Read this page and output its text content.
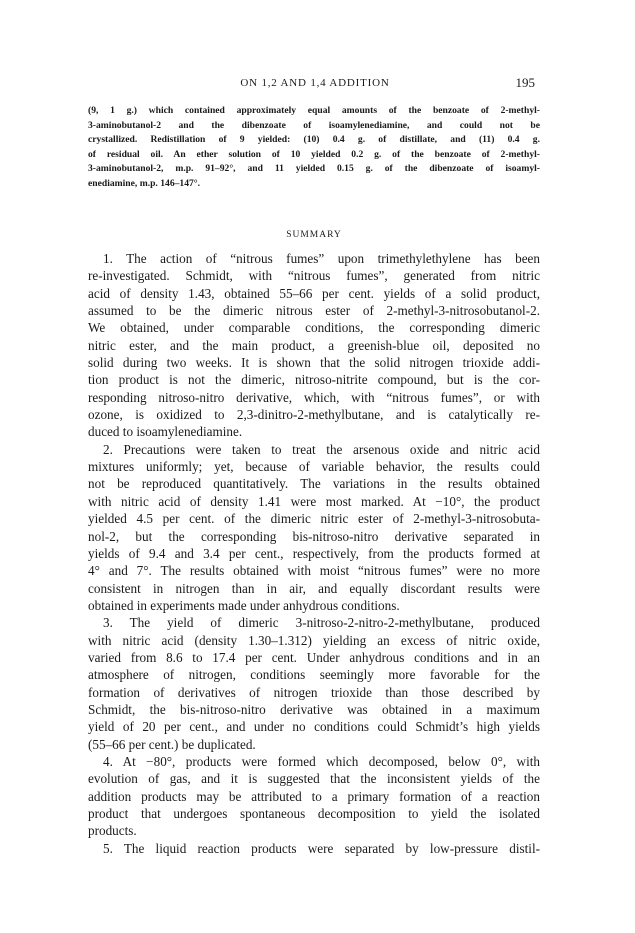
ON 1,2 AND 1,4 ADDITION	195
(9, 1 g.) which contained approximately equal amounts of the benzoate of 2-methyl-
3-aminobutanol-2 and the dibenzoate of isoamylenediamine, and could not be
crystallized. Redistillation of 9 yielded: (10) 0.4 g. of distillate, and (11) 0.4 g.
of residual oil. An ether solution of 10 yielded 0.2 g. of the benzoate of 2-methyl-
3-aminobutanol-2, m.p. 91–92°, and 11 yielded 0.15 g. of the dibenzoate of isoamyl-
enediamine, m.p. 146–147°.
SUMMARY
1. The action of “nitrous fumes” upon trimethylethylene has been
re-investigated. Schmidt, with “nitrous fumes”, generated from nitric
acid of density 1.43, obtained 55–66 per cent. yields of a solid product,
assumed to be the dimeric nitrous ester of 2-methyl-3-nitrosobutanol-2.
We obtained, under comparable conditions, the corresponding dimeric
nitric ester, and the main product, a greenish-blue oil, deposited no
solid during two weeks. It is shown that the solid nitrogen trioxide addi-
tion product is not the dimeric, nitroso-nitrite compound, but is the cor-
responding nitroso-nitro derivative, which, with “nitrous fumes”, or with
ozone, is oxidized to 2,3-dinitro-2-methylbutane, and is catalytically re-
duced to isoamylenediamine.
2. Precautions were taken to treat the arsenous oxide and nitric acid
mixtures uniformly; yet, because of variable behavior, the results could
not be reproduced quantitatively. The variations in the results obtained
with nitric acid of density 1.41 were most marked. At −10°, the product
yielded 4.5 per cent. of the dimeric nitric ester of 2-methyl-3-nitrosobuta-
nol-2, but the corresponding bis-nitroso-nitro derivative separated in
yields of 9.4 and 3.4 per cent., respectively, from the products formed at
4° and 7°. The results obtained with moist “nitrous fumes” were no more
consistent in nitrogen than in air, and equally discordant results were
obtained in experiments made under anhydrous conditions.
3. The yield of dimeric 3-nitroso-2-nitro-2-methylbutane, produced
with nitric acid (density 1.30–1.312) yielding an excess of nitric oxide,
varied from 8.6 to 17.4 per cent. Under anhydrous conditions and in an
atmosphere of nitrogen, conditions seemingly more favorable for the
formation of derivatives of nitrogen trioxide than those described by
Schmidt, the bis-nitroso-nitro derivative was obtained in a maximum
yield of 20 per cent., and under no conditions could Schmidt’s high yields
(55–66 per cent.) be duplicated.
4. At −80°, products were formed which decomposed, below 0°, with
evolution of gas, and it is suggested that the inconsistent yields of the
addition products may be attributed to a primary formation of a reaction
product that undergoes spontaneous decomposition to yield the isolated
products.
5. The liquid reaction products were separated by low-pressure distil-
